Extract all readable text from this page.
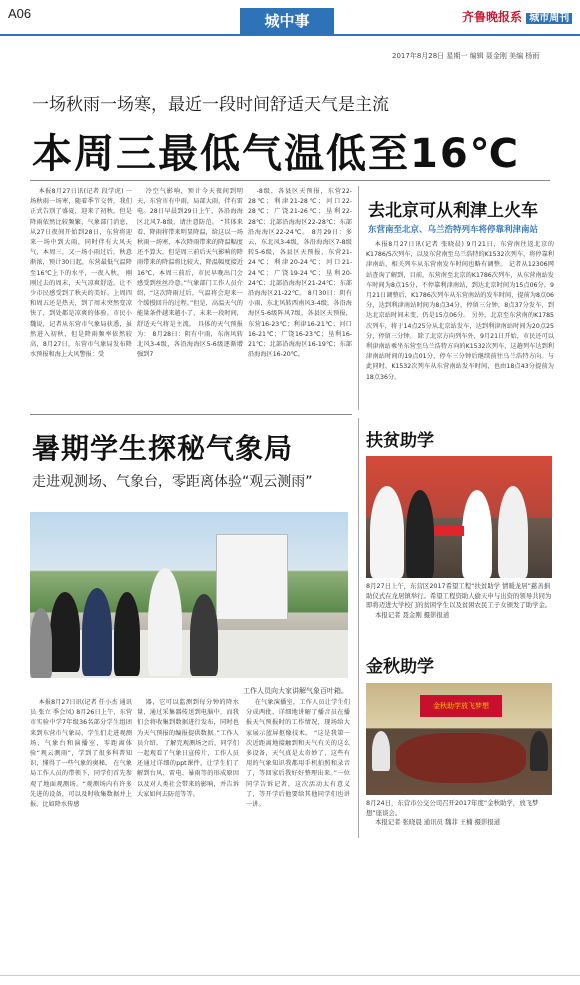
A06	城中事	齐鲁晚报系 城市周刊
2017年8月28日 星期一 编辑 聂金刚 美编 杨雨
一场秋雨一场寒，最近一段时间舒适天气是主流
本周三最低气温低至16℃

本报8月27日讯(记者 段学虎) 一场秋雨一场寒，随着季节交替，我们正式告别了盛夏，迎来了初秋，但是降雨依然比较频繁，气象部门消息，从27日夜间开始到28日，东营将迎来一场中到大雨，同时伴有大风天气，本周三，又一场小雨过后，秋意渐浓，预计30日起，东营最低气温降至16℃上下的水平，一夜入秋。 刚刚过去的周末，天气凉爽舒适，让不少市民感受到了秋天的美好。上周四和周五还是热天，到了周末突然变凉快了，到处都是凉爽的体验。市民小魏说，记者从东营市气象局获悉，虽然进入初秋，但是降雨频率依然较高，8月27日，东营市气象局发布降水预报和海上大风警报：受

冷空气影响，预计今天夜间到明天，东营市有中雨，局部大雨，伴有雷电。28日早晨到29日上午，各沿海海区北风7-8级，请注意防范。 “其体来看，降雨将带来明显降温，给这以一场秋雨一场寒，本次降雨带来的降温幅度还不算大，但是周三前后天气影响的降雨带来的降温将比较大，降温幅度接近16℃，本周三前后，市民早晚出门会感受到丝丝冷意。”气象部门工作人员介绍，“这次降雨过后，气温将会迎来一个缓慢回升的过程。”但是，高温天气的能量条件越来越小了，未来一段时间，舒适天气将是主流。 具体的天气预报为： 8月28日：阴有中雨，东南风转北风3-4级，各沿海海区5-6级逐渐增强到7

-8级，各县区天预报，东营22-28℃；利津21-28℃；河口22-28℃；广饶21-26℃；垦利22-28℃；北部沿海海区22-28℃；东部沿海海区22-24℃。 8月29日：多云，东北风3-4级，各沿海海区7-8级转5-6级，各县区天预报，东营21-24℃；利津20-24℃；河口21-24℃；广饶19-24℃；垦利20-24℃；北部沿海海区21-24℃；东部沿海海区21-22℃。 8月30日：阴有小雨，东北风转西南风3-4级，各沿海海区5-6级阵风7级，各县区天预报，东营16-23℃；利津16-21℃；河口16-21℃；广饶16-23℃；垦利16-21℃；北部沿海海区16-19℃；东部沿海海区16-20℃。

去北京可从利津上火车
东营南至北京、乌兰浩特列车将停靠利津南站

本报8月27日讯(记者 张晓晨) 9月21日，东营南往返北京的K1786/5次列车，以及东营南至乌兰浩特的K1532次列车，将停靠利津南站，相关列车从东营南发车时间也略有调整。 记者从12306网站查询了解到，目前，东营南至北京的K1786次列车，从东营南站发车时间为8点15分，不停靠利津南站，到达北京时间为15点06分。9月21日调整后，K1786次列车从东营南站的发车时间，提前为8点06分，达到利津南站时间为8点34分，停留三分钟，8点37分发车，到达北京站时间未变，仍是15点06分。 另外，北京至东营南的K1785次列车，将于14点25分从北京站发车，达到利津南站时间为20点25分，停留三分钟。 除了北京方向列车外，9月21日开始，市民还可以利津南站乘坐东营至乌兰浩特方向的K1532次列车，这趟列车达到利津南站时间的19点01分，停车三分钟后继续前往乌兰浩特方向。与此同时，K1532次列车从东营南站发车时间，也由18点43分提前为18点36分。

暑期学生探秘气象局
走进观测场、气象台，零距离体验“观云测雨”
工作人员向大家讲解气象百叶箱。

本报8月27日讯(记者 任小杰 通讯员 张立 季会凤) 8月26日上午，东营市实验中学7年级36名部分学生组团来到东营市气象局，学生们走进观测场、气象台和演播室，零距离体验“观云测雨”，学到了很多科普知识，懂得了一些气象的奥秘。 在气象局工作人员的带领下，同学们首先参观了地面观测场。“观测场内有许多先进的设备，可以及时收集数据并上报，比如降水传感

器，它可以监测到每分钟的降水量，通过采集器传送到电脑中，而我们会将收集到数据进行发布，同时也为天气预报的编报提供数据。”工作人员介绍。 了解完观测场之后，同学们一起观看了气象日宣传片，工作人员还通过详细的ppt课件，让学生们了解到台风、雷电、暴雨等的形成原因以及对人类社会带来的影响，并告诉大家如何去防范等等。

在气象演播室，工作人员让学生们分成两批，详细地讲解了播音员在播报天气预报时的工作情况，现场给大家展示蓝屏抠像技术。 “这是我第一次近距离地接触到和天气有关的这么多设备，天气真是太奇妙了，这些有用的气象知识我都用手机拍照和录音了，等回家后我好好整理出来。”一位同学告诉记者，这次活动太有意义了，等开学后他要给其他同学们也讲一讲。

扶贫助学
8月27日上午，东营区2017希望工程“扶贫助学 情暖龙居”慈善捐助仪式在龙居镇举行。希望工程资助人偷天申与出资的领导共同为即将迈进大学校门的贫困学生以及贫困农民工子女颁发了助学金。
本报记者 聂金刚 摄影报道
金秋助学
金秋助学放飞梦想
8月24日，东营市公交公司召开2017年度“金秋助学，放飞梦想”座谈会。
本报记者 张晓晨 通讯员 魏菲 王楠 摄影报道
